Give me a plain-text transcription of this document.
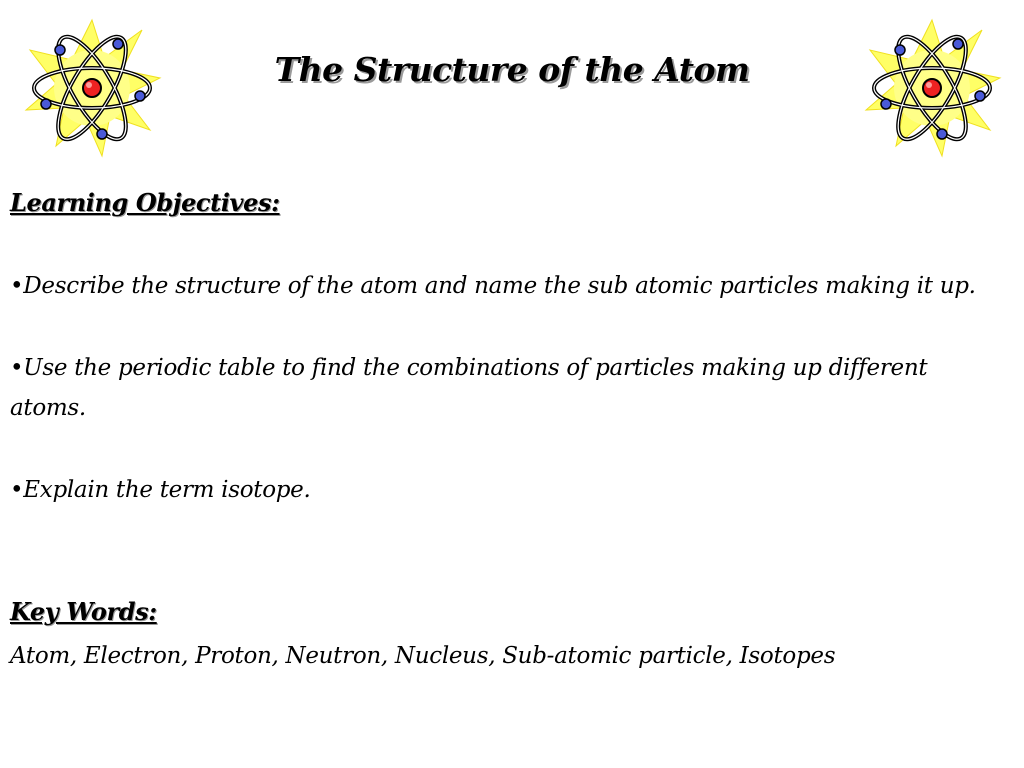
The Structure of the Atom
Learning Objectives:
•Describe the structure of the atom and name the sub atomic particles making it up.
•Use the periodic table to find the combinations of particles making up different
atoms.
•Explain the term isotope.
Key Words:
Atom, Electron, Proton, Neutron, Nucleus, Sub-atomic particle, Isotopes
